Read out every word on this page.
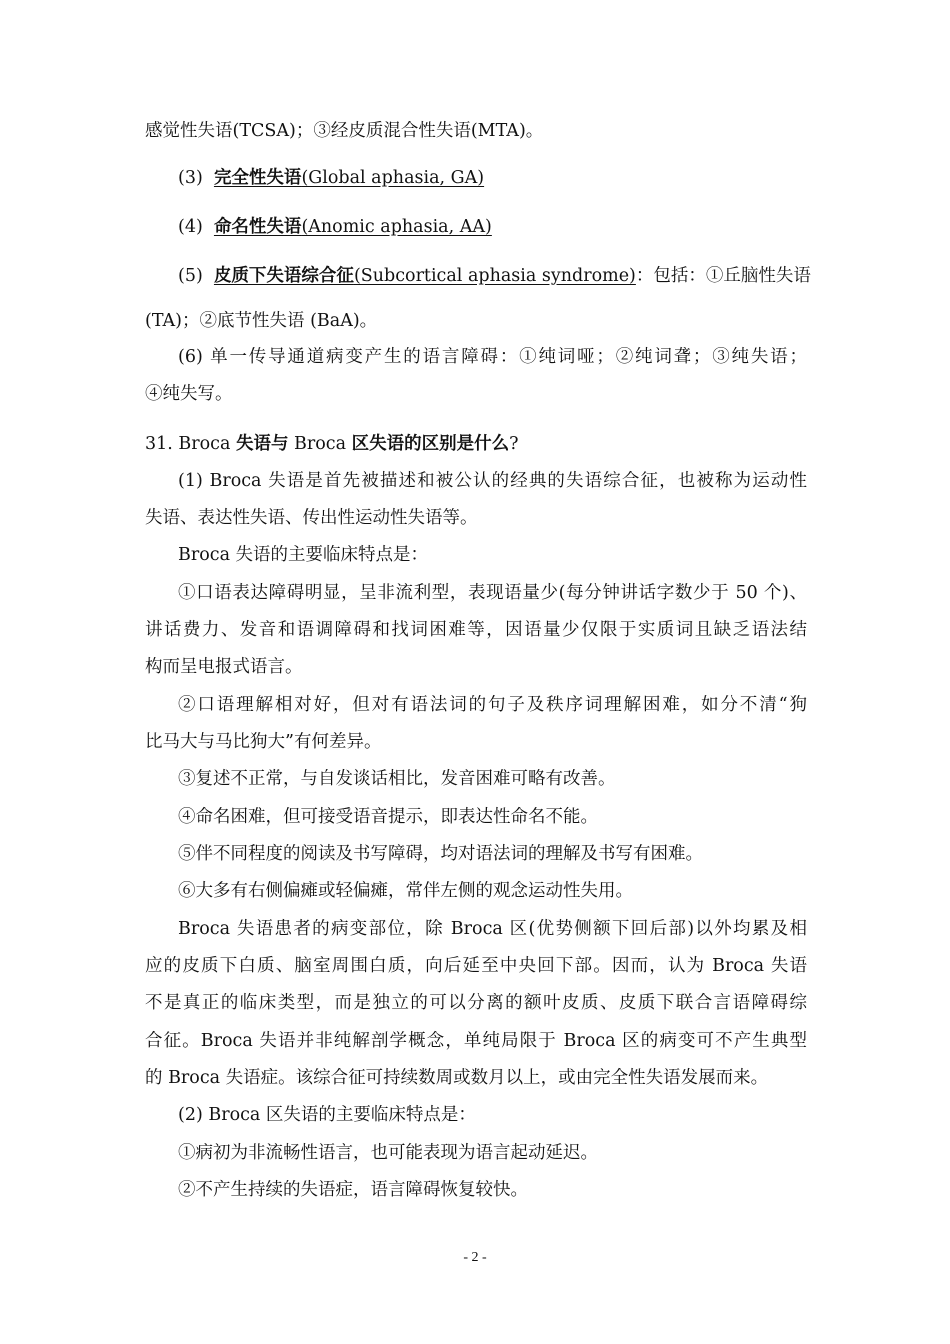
感觉性失语(TCSA)；③经皮质混合性失语(MTA)。
(3) 完全性失语(Global aphasia, GA)
(4) 命名性失语(Anomic aphasia, AA)
(5) 皮质下失语综合征(Subcortical aphasia syndrome)：包括：①丘脑性失语
(TA)；②底节性失语 (BaA)。
(6) 单一传导通道病变产生的语言障碍：①纯词哑；②纯词聋；③纯失语；
④纯失写。
31. Broca 失语与 Broca 区失语的区别是什么?
(1) Broca 失语是首先被描述和被公认的经典的失语综合征，也被称为运动性
失语、表达性失语、传出性运动性失语等。
Broca 失语的主要临床特点是：
①口语表达障碍明显，呈非流利型，表现语量少(每分钟讲话字数少于 50 个)、
讲话费力、发音和语调障碍和找词困难等，因语量少仅限于实质词且缺乏语法结
构而呈电报式语言。
②口语理解相对好，但对有语法词的句子及秩序词理解困难，如分不清“狗
比马大与马比狗大”有何差异。
③复述不正常，与自发谈话相比，发音困难可略有改善。
④命名困难，但可接受语音提示，即表达性命名不能。
⑤伴不同程度的阅读及书写障碍，均对语法词的理解及书写有困难。
⑥大多有右侧偏瘫或轻偏瘫，常伴左侧的观念运动性失用。
Broca 失语患者的病变部位，除 Broca 区(优势侧额下回后部)以外均累及相
应的皮质下白质、脑室周围白质，向后延至中央回下部。因而，认为 Broca 失语
不是真正的临床类型，而是独立的可以分离的额叶皮质、皮质下联合言语障碍综
合征。Broca 失语并非纯解剖学概念，单纯局限于 Broca 区的病变可不产生典型
的 Broca 失语症。该综合征可持续数周或数月以上，或由完全性失语发展而来。
(2) Broca 区失语的主要临床特点是：
①病初为非流畅性语言，也可能表现为语言起动延迟。
②不产生持续的失语症，语言障碍恢复较快。
- 2 -
